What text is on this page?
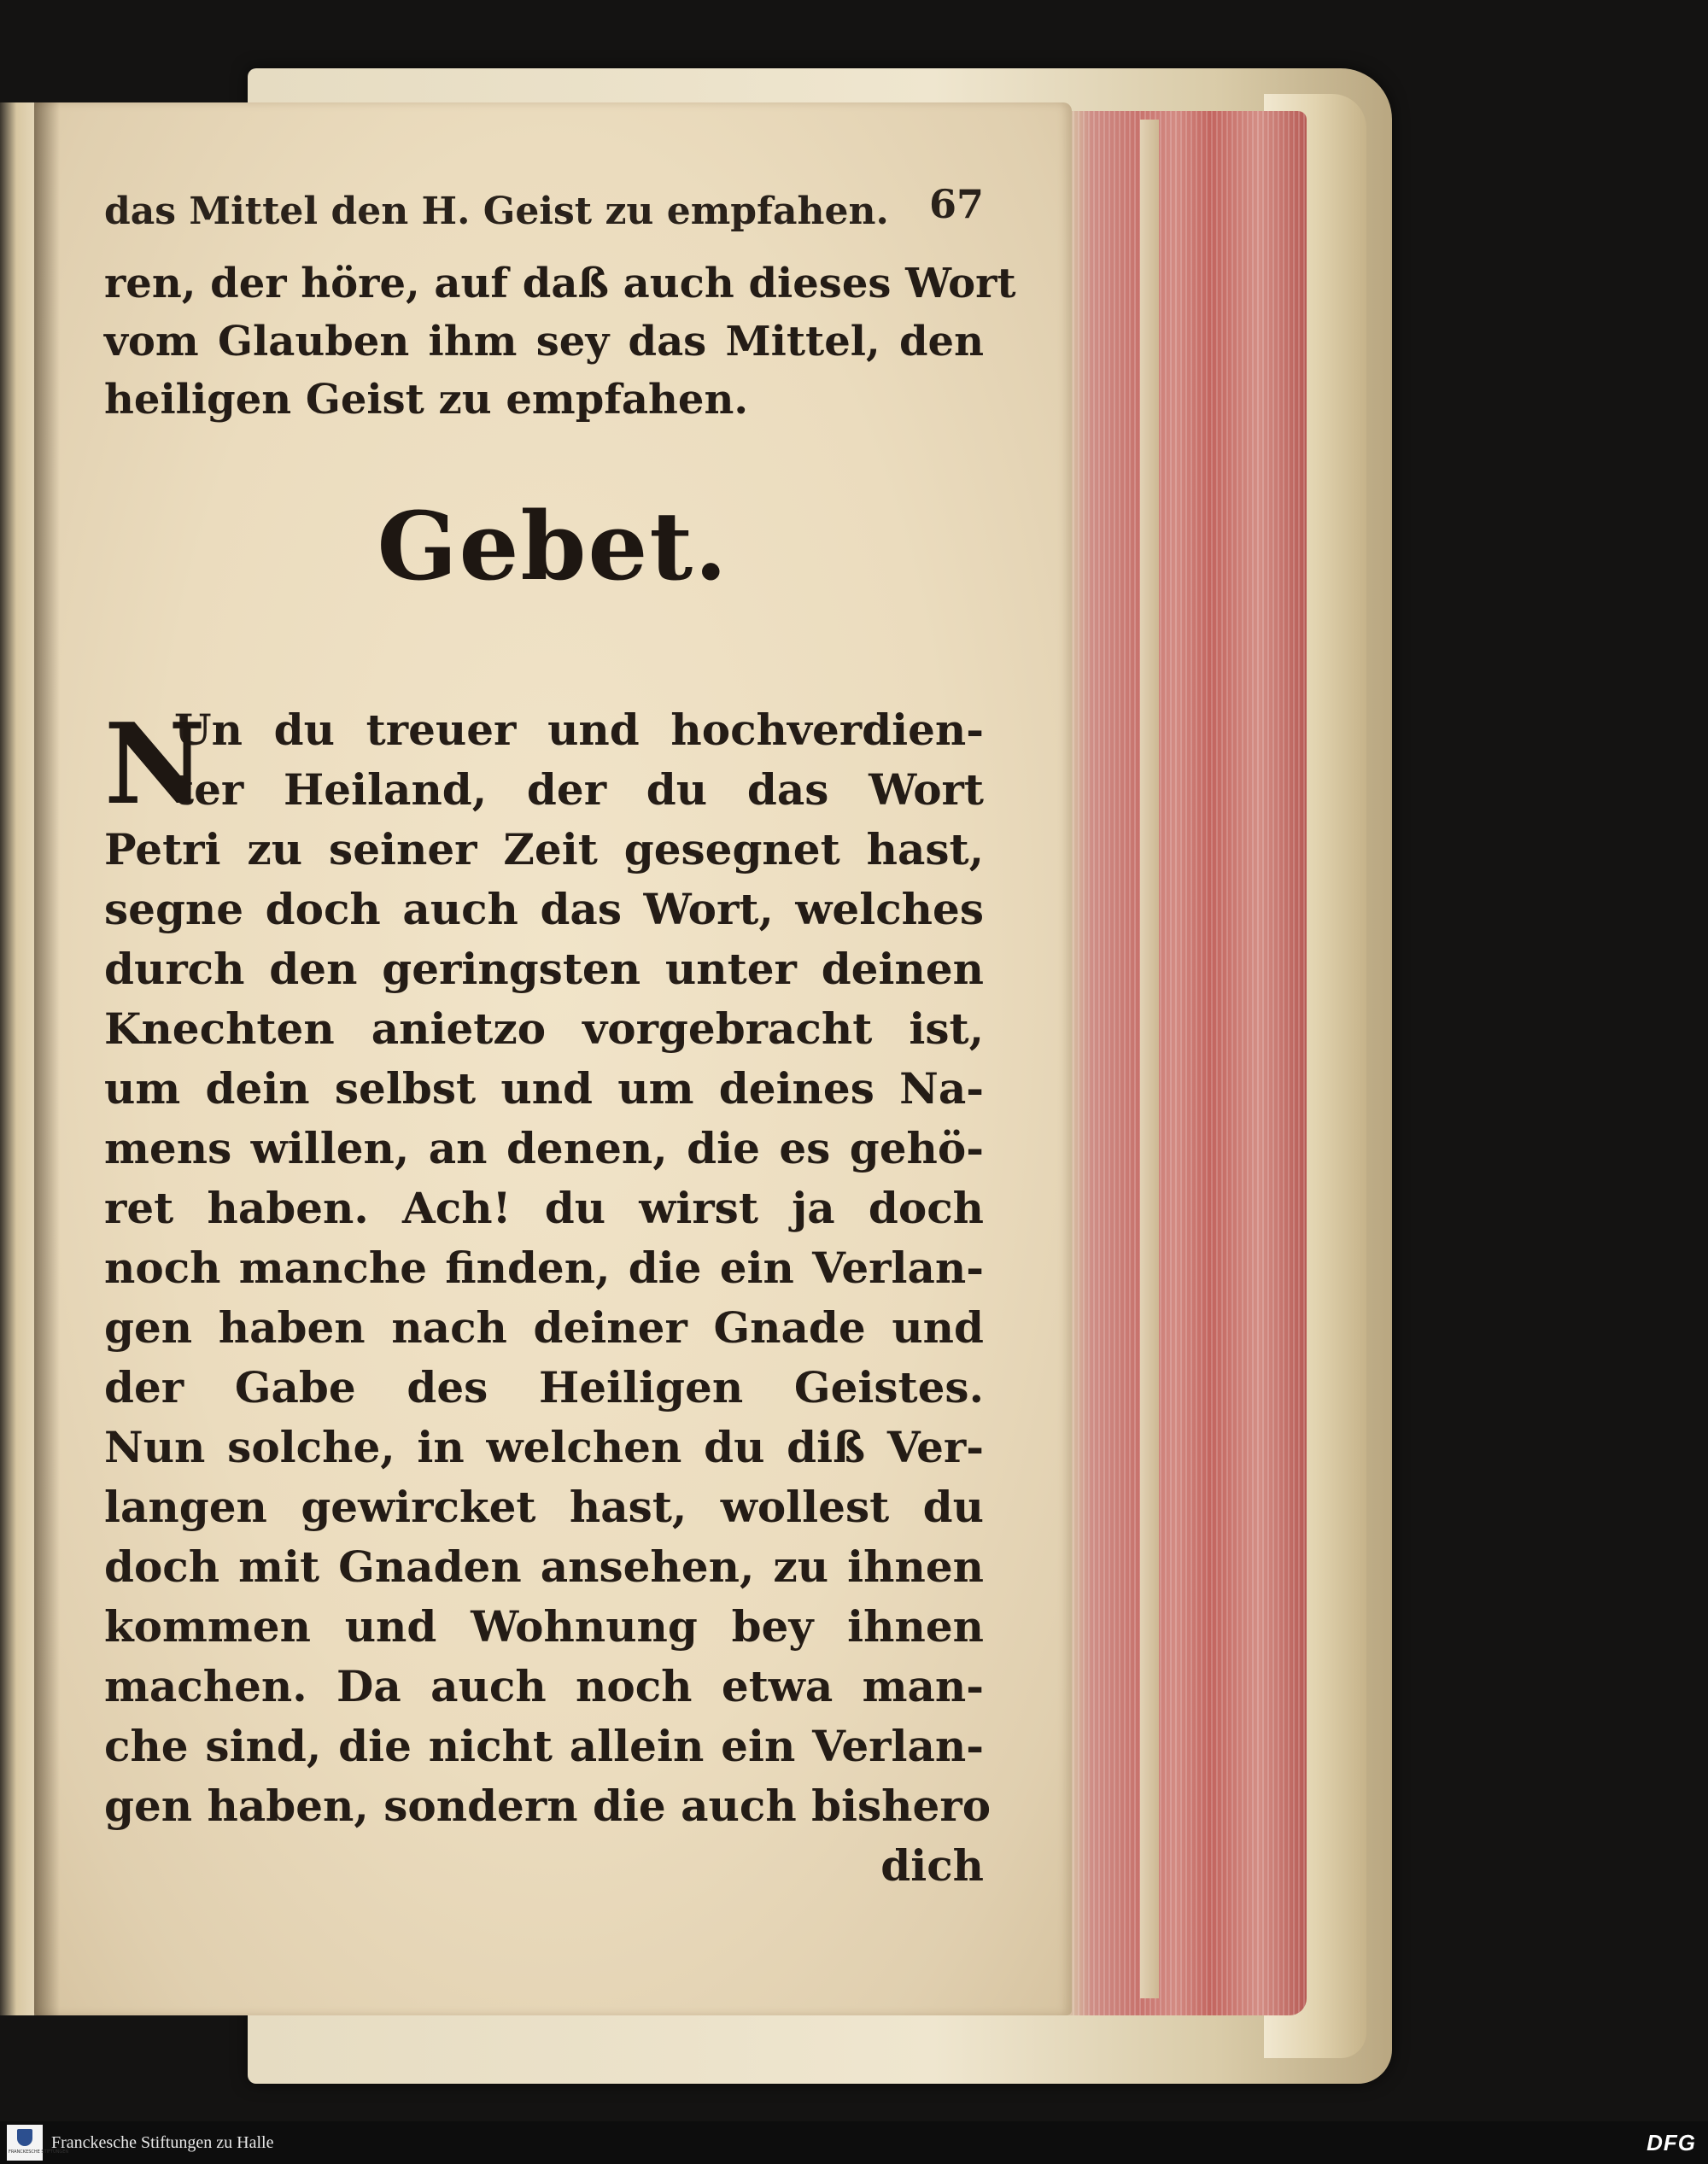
das Mittel den H. Geist zu empfahen. 67
ren, der höre, auf daß auch dieses Wort
vom Glauben ihm sey das Mittel, den
heiligen Geist zu empfahen.
Gebet.
N
Un du treuer und hochverdien-
ter Heiland, der du das Wort
Petri zu seiner Zeit gesegnet hast,
segne doch auch das Wort, welches
durch den geringsten unter deinen
Knechten anietzo vorgebracht ist,
um dein selbst und um deines Na-
mens willen, an denen, die es gehö-
ret haben. Ach! du wirst ja doch
noch manche finden, die ein Verlan-
gen haben nach deiner Gnade und
der Gabe des Heiligen Geistes.
Nun solche, in welchen du diß Ver-
langen gewircket hast, wollest du
doch mit Gnaden ansehen, zu ihnen
kommen und Wohnung bey ihnen
machen. Da auch noch etwa man-
che sind, die nicht allein ein Verlan-
gen haben, sondern die auch bishero
dich
FRANCKESCHE STIFTUNGEN
Franckesche Stiftungen zu Halle	DFG
